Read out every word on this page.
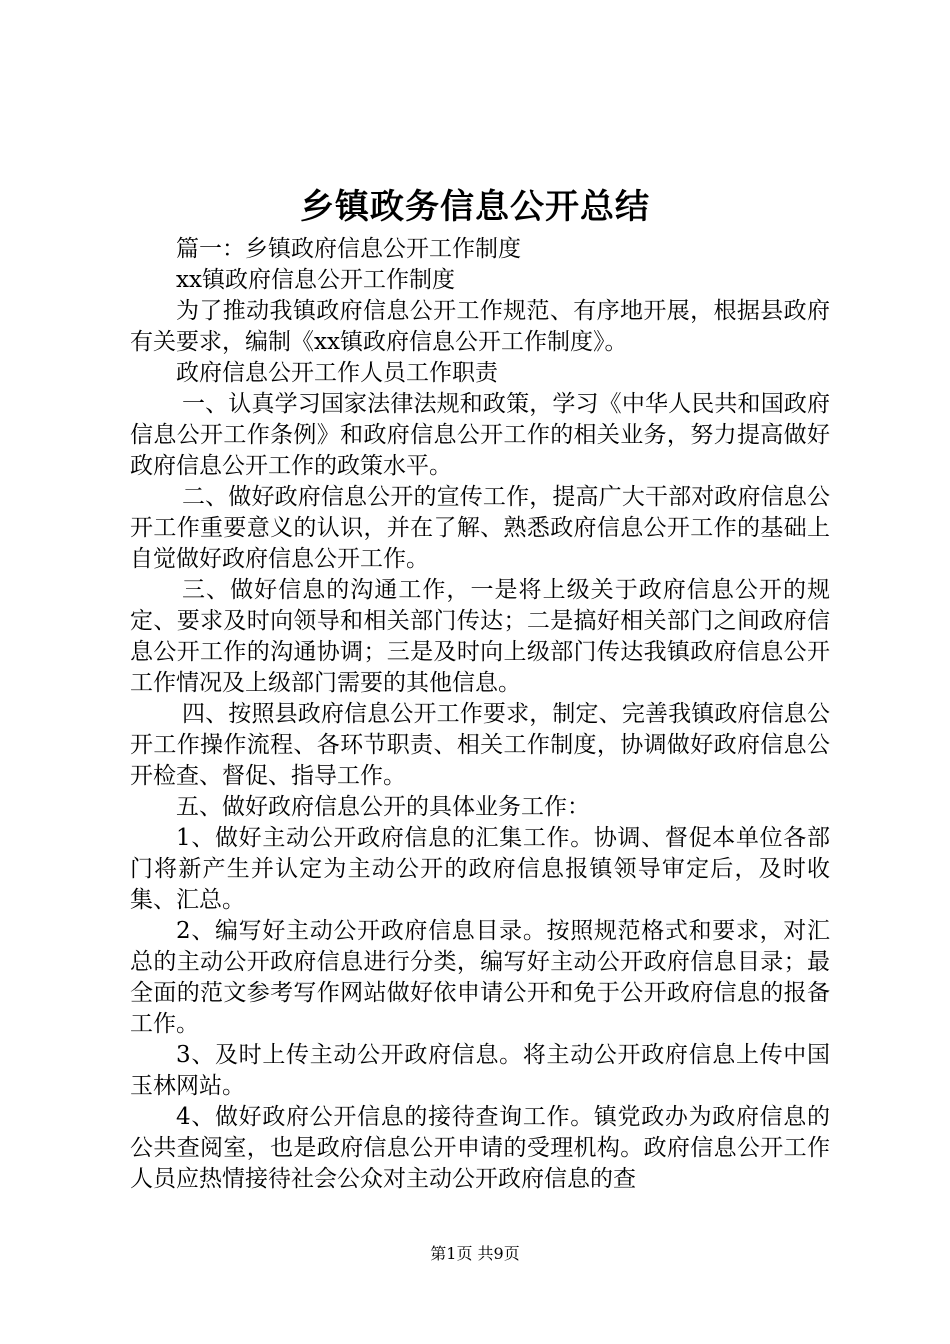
乡镇政务信息公开总结

篇一：乡镇政府信息公开工作制度

xx镇政府信息公开工作制度

为了推动我镇政府信息公开工作规范、有序地开展，根据县政府有关要求，编制《xx镇政府信息公开工作制度》。

政府信息公开工作人员工作职责

一、认真学习国家法律法规和政策，学习《中华人民共和国政府信息公开工作条例》和政府信息公开工作的相关业务，努力提高做好政府信息公开工作的政策水平。

二、做好政府信息公开的宣传工作，提高广大干部对政府信息公开工作重要意义的认识，并在了解、熟悉政府信息公开工作的基础上自觉做好政府信息公开工作。

三、做好信息的沟通工作，一是将上级关于政府信息公开的规定、要求及时向领导和相关部门传达；二是搞好相关部门之间政府信息公开工作的沟通协调；三是及时向上级部门传达我镇政府信息公开工作情况及上级部门需要的其他信息。

四、按照县政府信息公开工作要求，制定、完善我镇政府信息公开工作操作流程、各环节职责、相关工作制度，协调做好政府信息公开检查、督促、指导工作。

五、做好政府信息公开的具体业务工作：

1、做好主动公开政府信息的汇集工作。协调、督促本单位各部门将新产生并认定为主动公开的政府信息报镇领导审定后，及时收集、汇总。

2、编写好主动公开政府信息目录。按照规范格式和要求，对汇总的主动公开政府信息进行分类，编写好主动公开政府信息目录；最全面的范文参考写作网站做好依申请公开和免于公开政府信息的报备工作。

3、及时上传主动公开政府信息。将主动公开政府信息上传中国玉林网站。

4、做好政府公开信息的接待查询工作。镇党政办为政府信息的公共查阅室，也是政府信息公开申请的受理机构。政府信息公开工作人员应热情接待社会公众对主动公开政府信息的查

第1页 共9页
